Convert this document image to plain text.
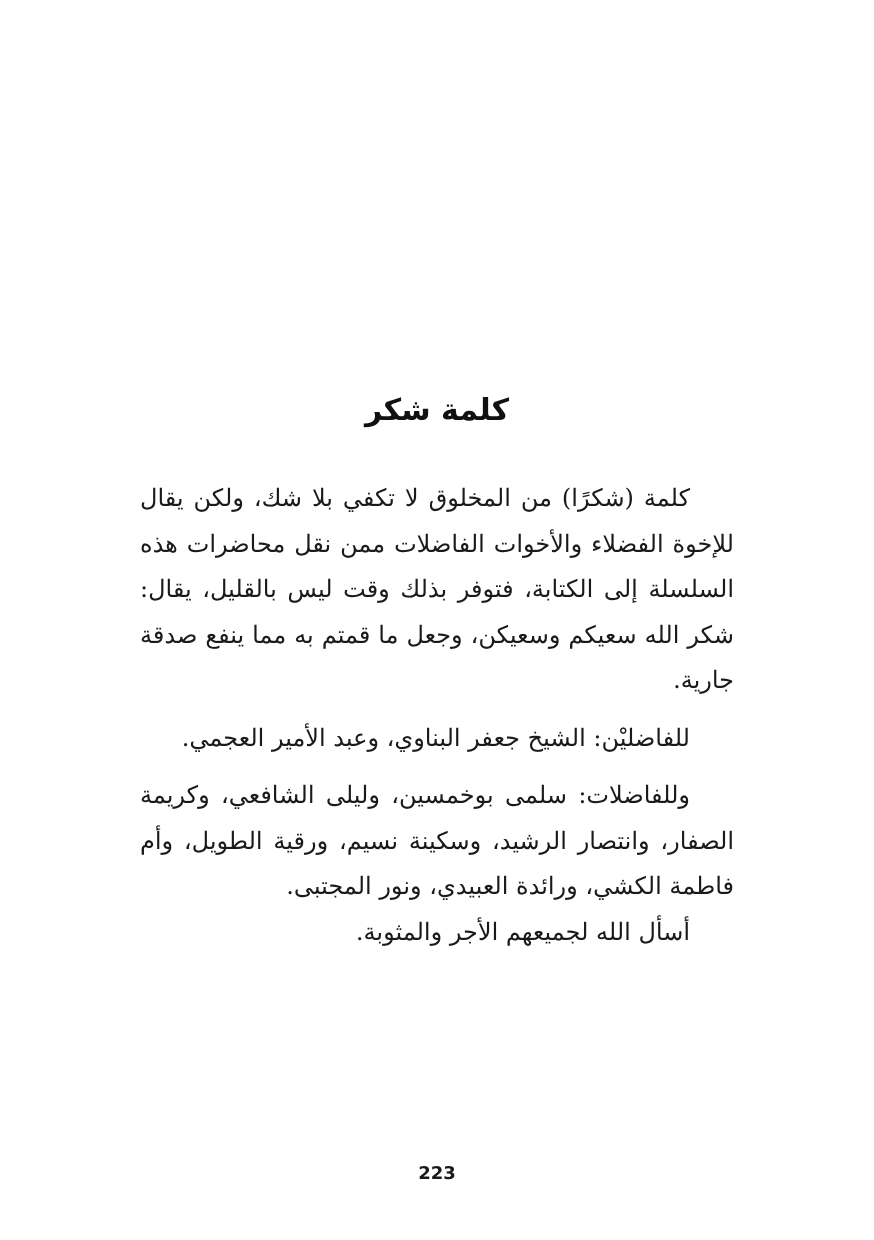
كلمة شكر

كلمة (شكرًا) من المخلوق لا تكفي بلا شك، ولكن يقال للإخوة الفضلاء والأخوات الفاضلات ممن نقل محاضرات هذه السلسلة إلى الكتابة، فتوفر بذلك وقت ليس بالقليل، يقال: شكر الله سعيكم وسعيكن، وجعل ما قمتم به مما ينفع صدقة جارية.

للفاضليْن: الشيخ جعفر البناوي، وعبد الأمير العجمي.

وللفاضلات: سلمى بوخمسين، وليلى الشافعي، وكريمة الصفار، وانتصار الرشيد، وسكينة نسيم، ورقية الطويل، وأم فاطمة الكشي، ورائدة العبيدي، ونور المجتبى.

أسأل الله لجميعهم الأجر والمثوبة.

223
